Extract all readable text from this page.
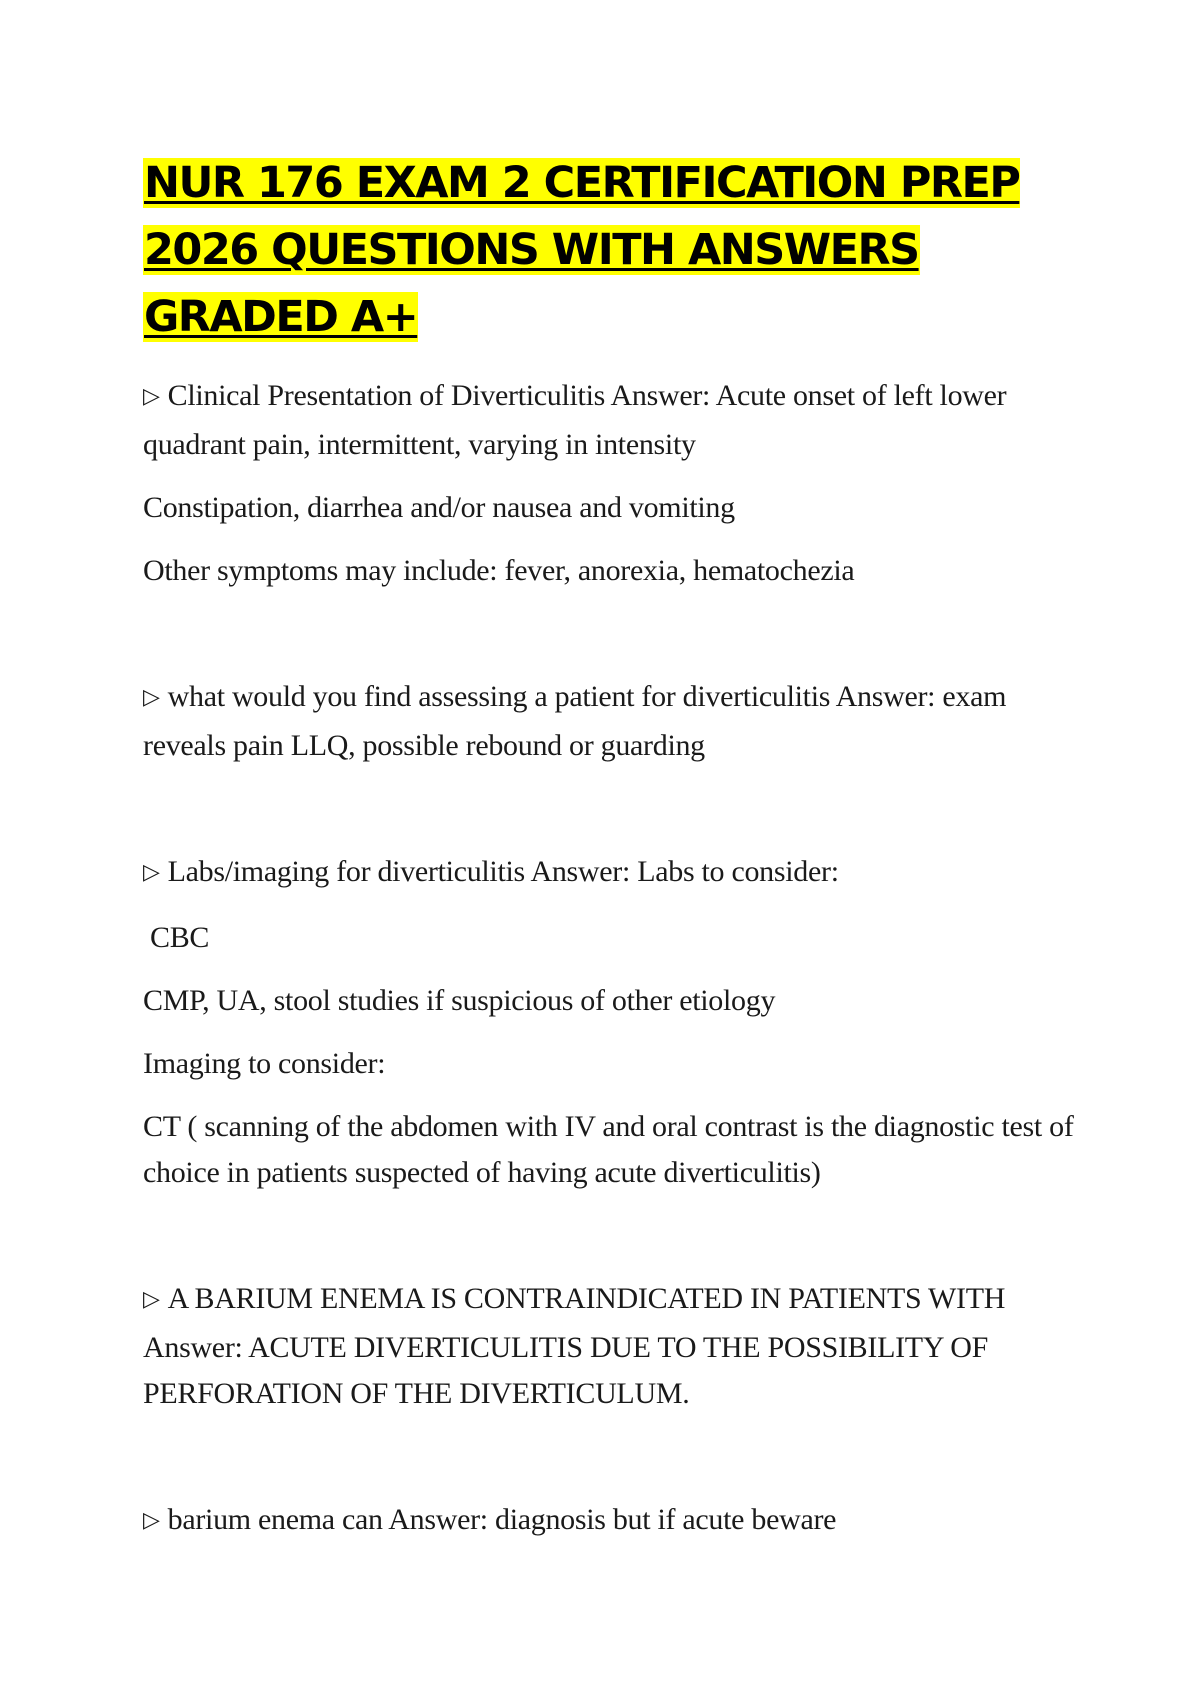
NUR 176 EXAM 2 CERTIFICATION PREP 2026 QUESTIONS WITH ANSWERS GRADED A+

▷ Clinical Presentation of Diverticulitis Answer: Acute onset of left lower quadrant pain, intermittent, varying in intensity

Constipation, diarrhea and/or nausea and vomiting

Other symptoms may include: fever, anorexia, hematochezia

▷ what would you find assessing a patient for diverticulitis Answer: exam reveals pain LLQ, possible rebound or guarding

▷ Labs/imaging for diverticulitis Answer: Labs to consider:

CBC

CMP, UA, stool studies if suspicious of other etiology

Imaging to consider:

CT ( scanning of the abdomen with IV and oral contrast is the diagnostic test of choice in patients suspected of having acute diverticulitis)

▷ A BARIUM ENEMA IS CONTRAINDICATED IN PATIENTS WITH Answer: ACUTE DIVERTICULITIS DUE TO THE POSSIBILITY OF PERFORATION OF THE DIVERTICULUM.

▷ barium enema can Answer: diagnosis but if acute beware
